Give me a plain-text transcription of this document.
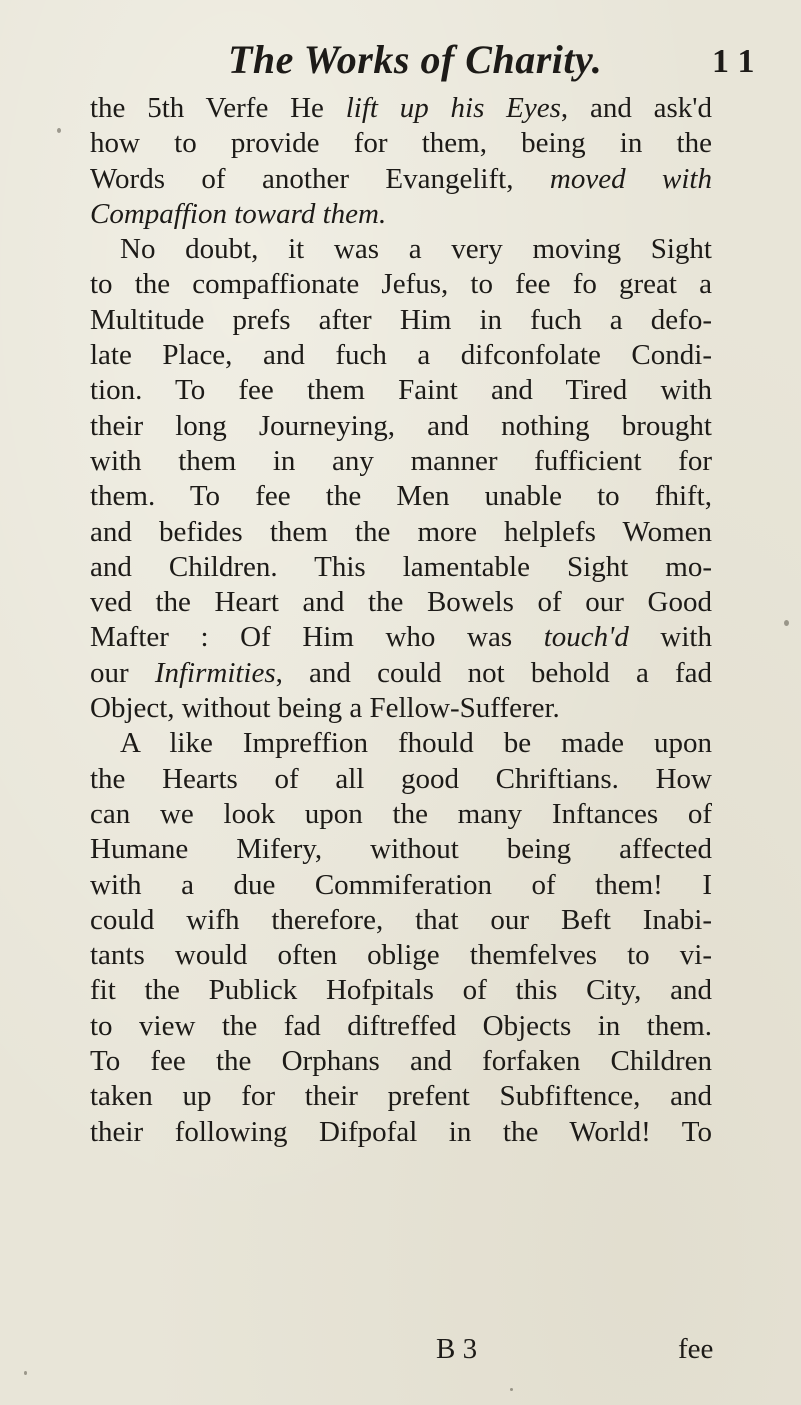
The Works of Charity.	1 1
the 5th Verfe He lift up his Eyes, and ask'd
how to provide for them, being in the
Words of another Evangelift, moved with
Compaffion toward them.
No doubt, it was a very moving Sight
to the compaffionate Jefus, to fee fo great a
Multitude prefs after Him in fuch a defo-
late Place, and fuch a difconfolate Condi-
tion. To fee them Faint and Tired with
their long Journeying, and nothing brought
with them in any manner fufficient for
them. To fee the Men unable to fhift,
and befides them the more helplefs Women
and Children. This lamentable Sight mo-
ved the Heart and the Bowels of our Good
Mafter : Of Him who was touch'd with
our Infirmities, and could not behold a fad
Object, without being a Fellow-Sufferer.
A like Impreffion fhould be made upon
the Hearts of all good Chriftians. How
can we look upon the many Inftances of
Humane Mifery, without being affected
with a due Commiferation of them! I
could wifh therefore, that our Beft Inabi-
tants would often oblige themfelves to vi-
fit the Publick Hofpitals of this City, and
to view the fad diftreffed Objects in them.
To fee the Orphans and forfaken Children
taken up for their prefent Subfiftence, and
their following Difpofal in the World! To
B 3	fee
